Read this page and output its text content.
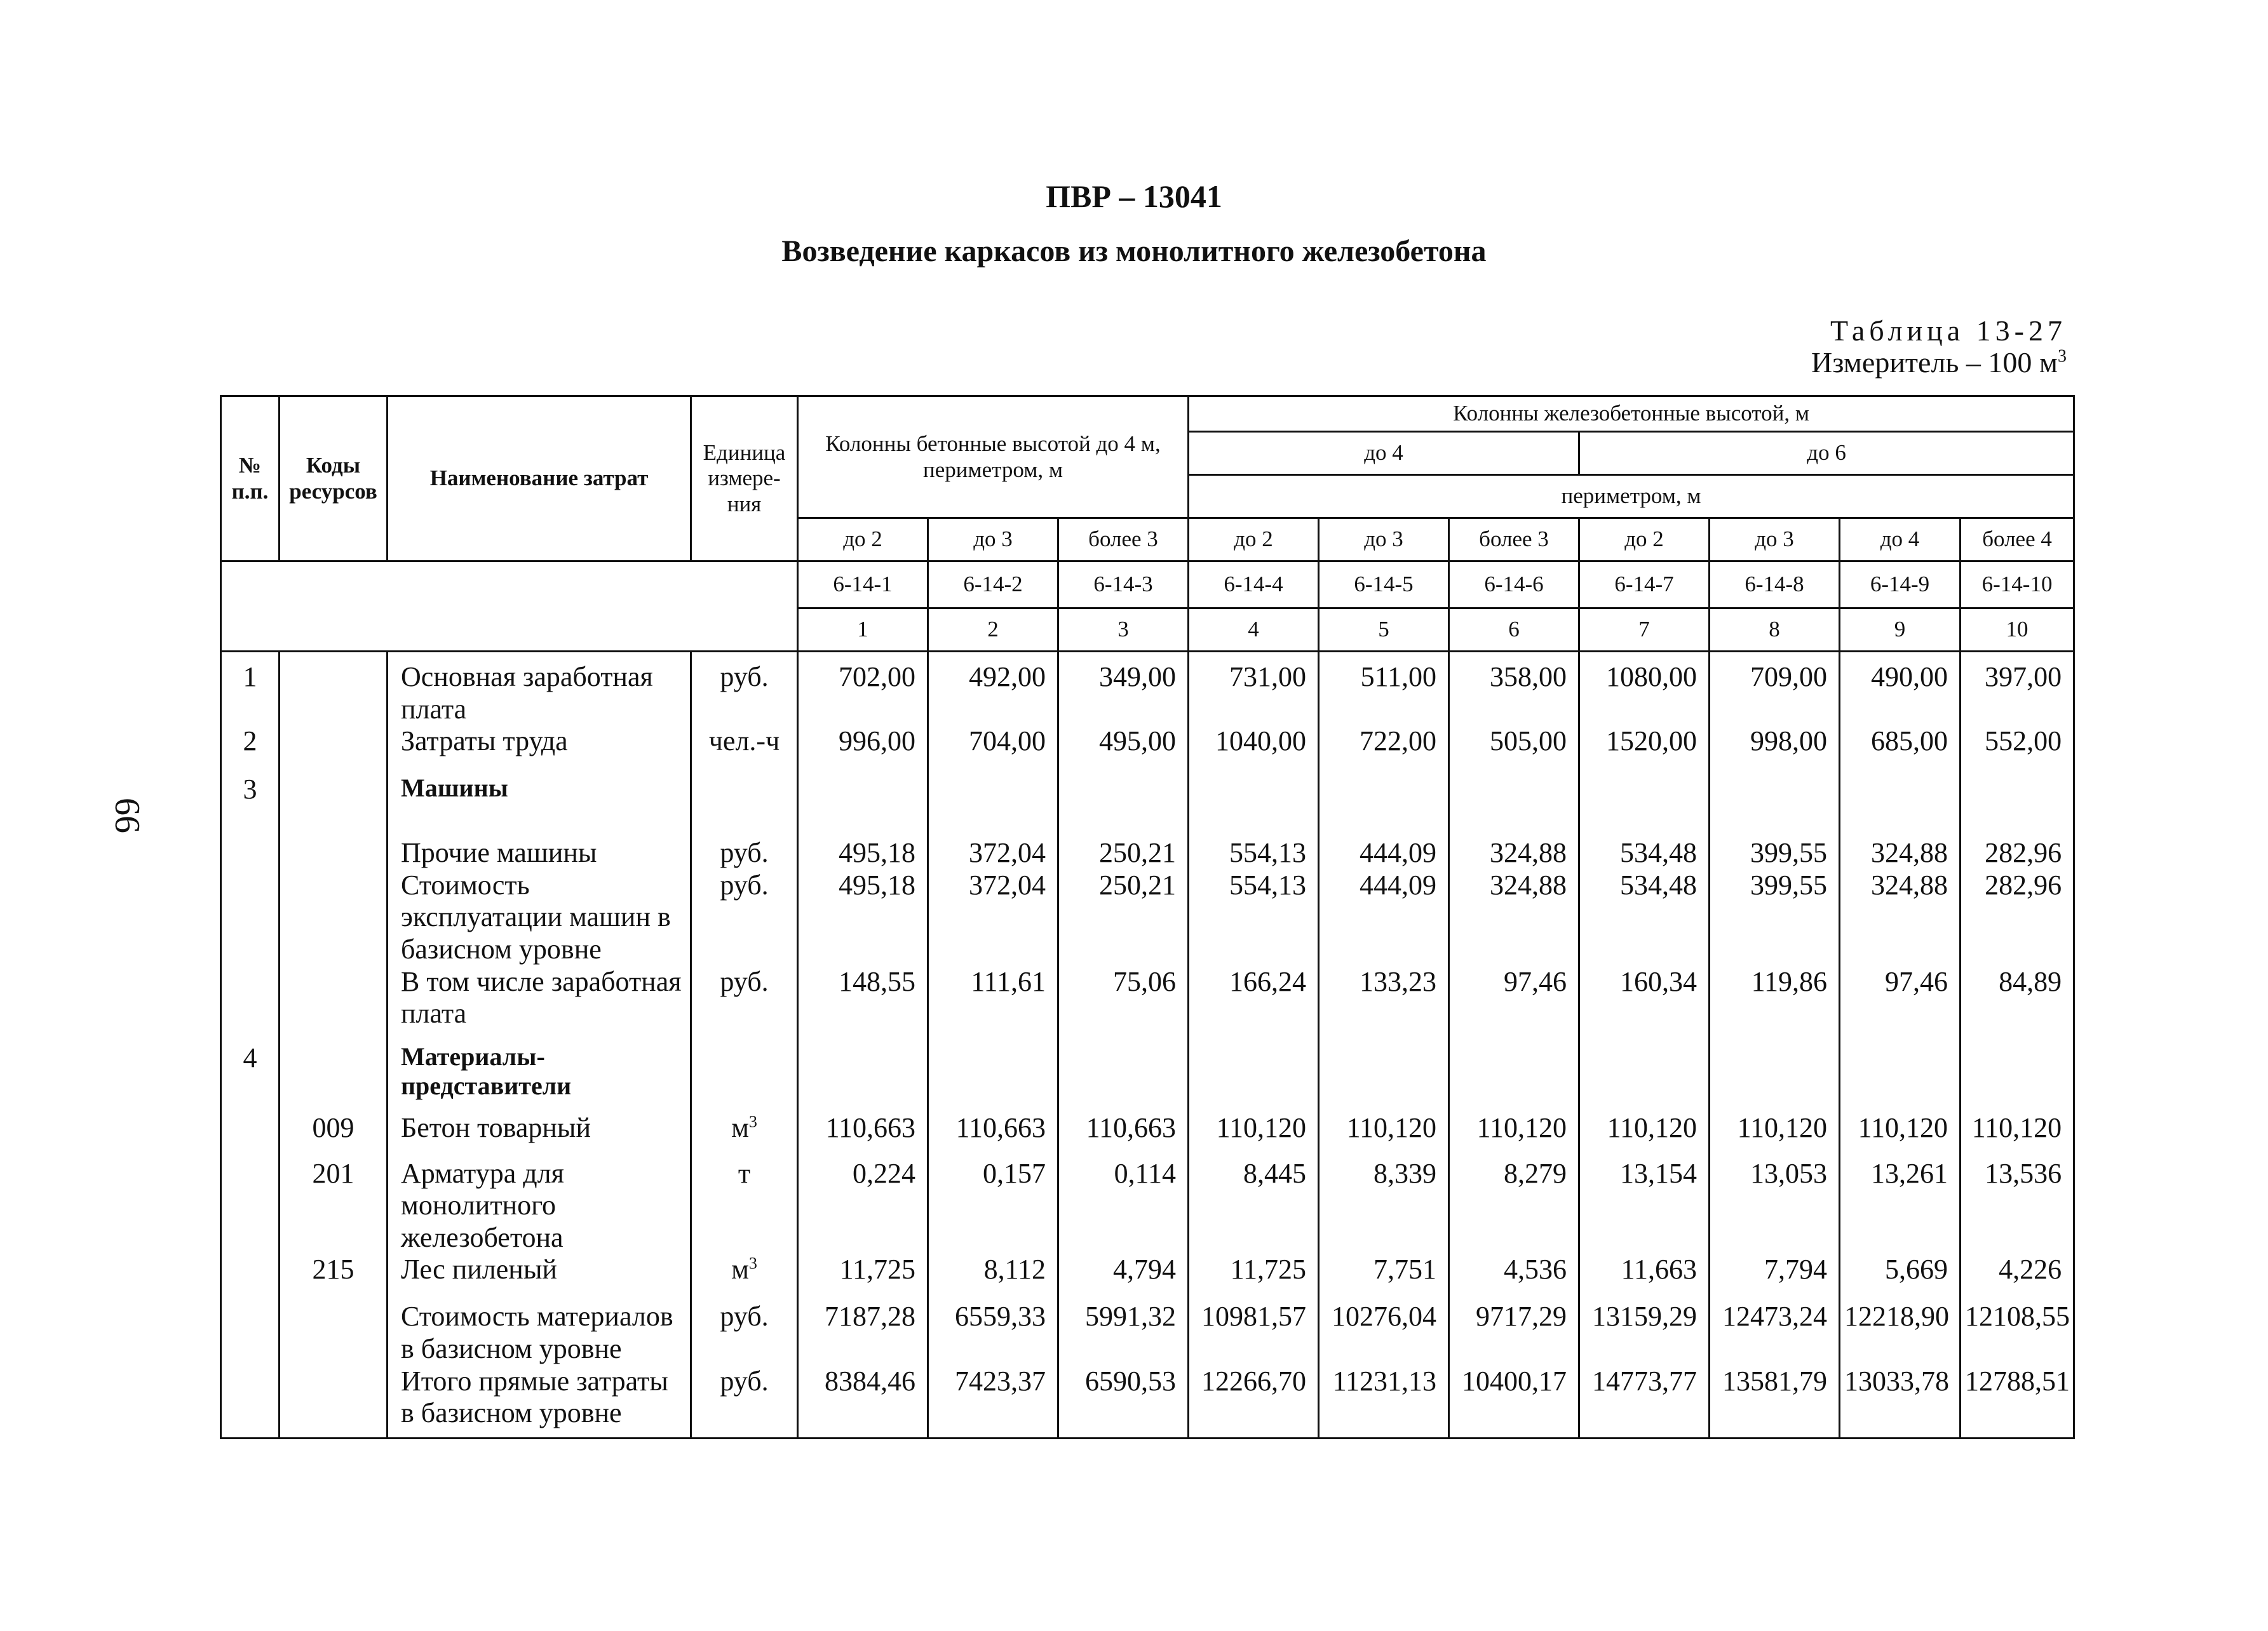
66
ПВР – 13041
Возведение каркасов из монолитного железобетона
Таблица 13-27
Измеритель – 100 $м^3$
№ п.п.	Коды ресурсов	Наименование затрат	Единица измере-ния	Колонны бетонные высотой до 4 м, периметром, м			Колонны железобетонные высотой, м						
							до 4			до 6			
							периметром, м						
				до 2	до 3	более 3	до 2	до 3	более 3	до 2	до 3	до 4	более 4
				6-14-1	6-14-2	6-14-3	6-14-4	6-14-5	6-14-6	6-14-7	6-14-8	6-14-9	6-14-10
				1	2	3	4	5	6	7	8	9	10
1		Основная заработная плата	руб.	702,00	492,00	349,00	731,00	511,00	358,00	1080,00	709,00	490,00	397,00
2		Затраты труда	чел.-ч	996,00	704,00	495,00	1040,00	722,00	505,00	1520,00	998,00	685,00	552,00
3		Машины											
		Прочие машины	руб.	495,18	372,04	250,21	554,13	444,09	324,88	534,48	399,55	324,88	282,96
		Стоимость эксплуатации машин в базисном уровне	руб.	495,18	372,04	250,21	554,13	444,09	324,88	534,48	399,55	324,88	282,96
		В том числе заработная плата	руб.	148,55	111,61	75,06	166,24	133,23	97,46	160,34	119,86	97,46	84,89
4		Материалы-представители											
	009	Бетон товарный	$м^3$	110,663	110,663	110,663	110,120	110,120	110,120	110,120	110,120	110,120	110,120
	201	Арматура для монолитного железобетона	т	0,224	0,157	0,114	8,445	8,339	8,279	13,154	13,053	13,261	13,536
	215	Лес пиленый	$м^3$	11,725	8,112	4,794	11,725	7,751	4,536	11,663	7,794	5,669	4,226
		Стоимость материалов в базисном уровне	руб.	7187,28	6559,33	5991,32	10981,57	10276,04	9717,29	13159,29	12473,24	12218,90	12108,55
		Итого прямые затраты в базисном уровне	руб.	8384,46	7423,37	6590,53	12266,70	11231,13	10400,17	14773,77	13581,79	13033,78	12788,51
